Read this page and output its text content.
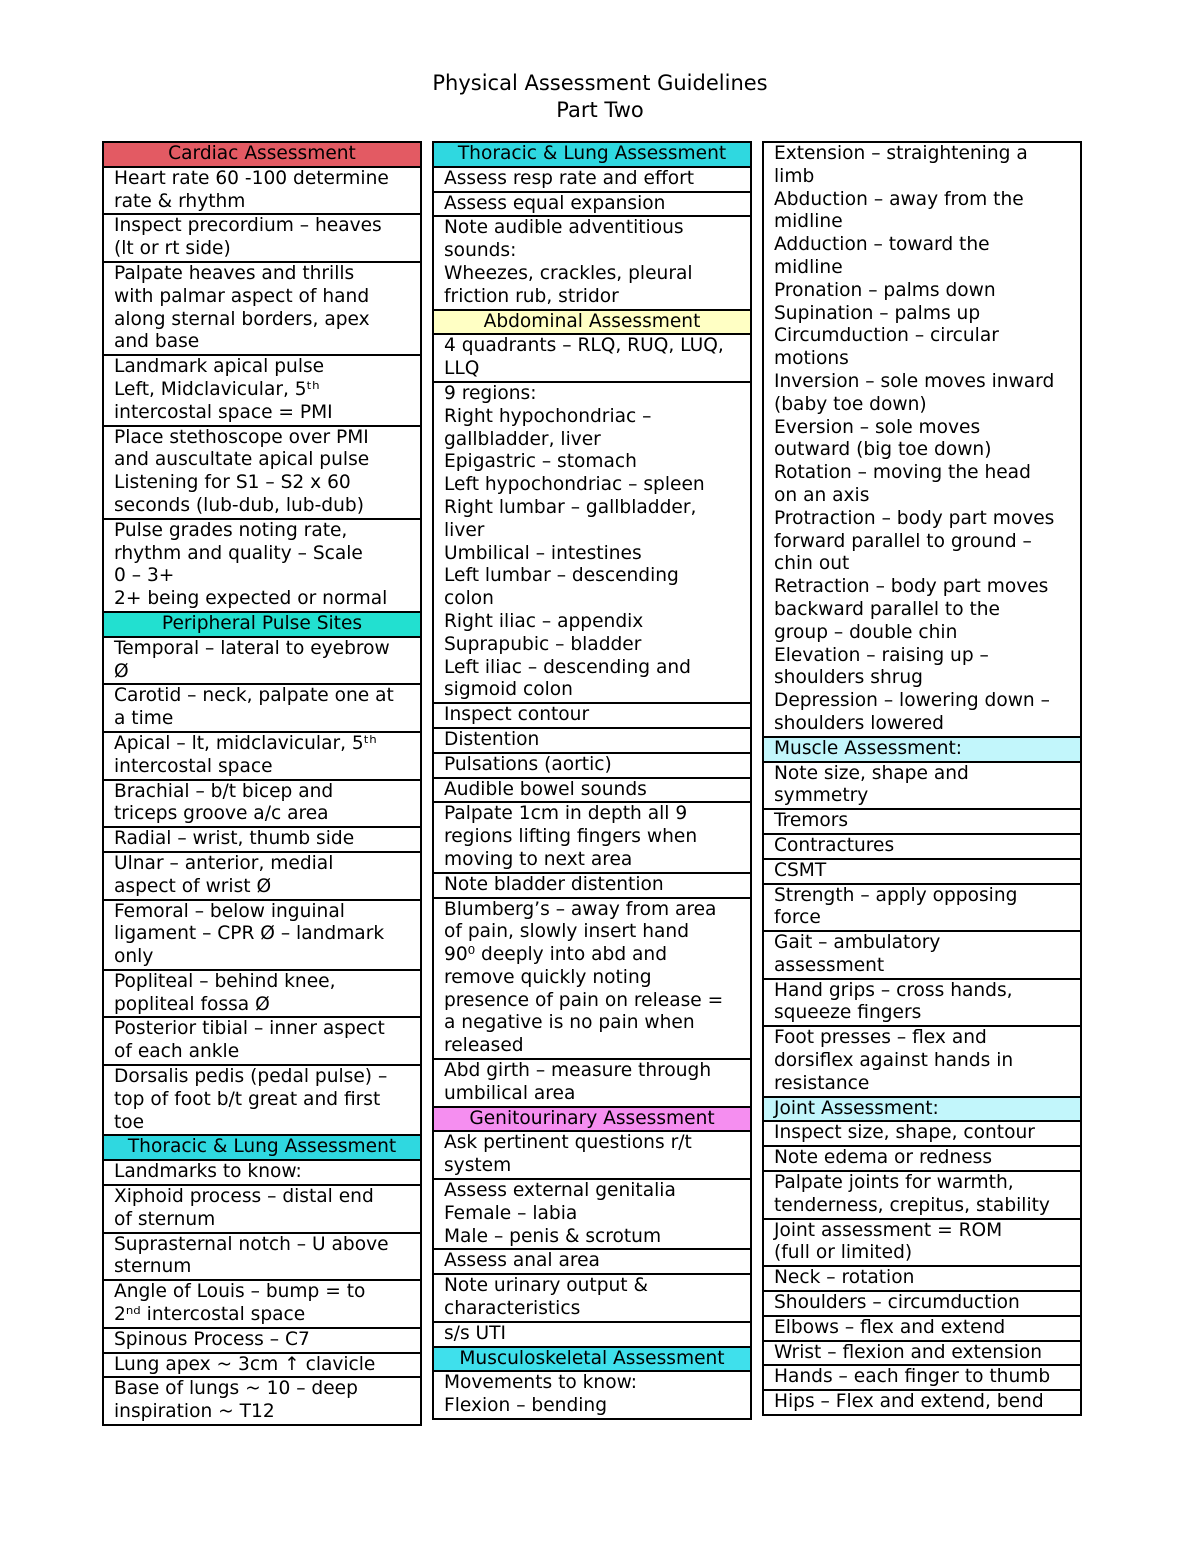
Physical Assessment Guidelines
Part Two
Cardiac Assessment
Heart rate 60 -100 determine
rate & rhythm
Inspect precordium – heaves
(lt or rt side)
Palpate heaves and thrills
with palmar aspect of hand
along sternal borders, apex
and base
Landmark apical pulse
Left, Midclavicular, 5ᵗʰ
intercostal space = PMI
Place stethoscope over PMI
and auscultate apical pulse
Listening for S1 – S2 x 60
seconds (lub-dub, lub-dub)
Pulse grades noting rate,
rhythm and quality – Scale
0 – 3+
2+ being expected or normal
Peripheral Pulse Sites
Temporal – lateral to eyebrow
Ø
Carotid – neck, palpate one at
a time
Apical – lt, midclavicular, 5ᵗʰ
intercostal space
Brachial – b/t bicep and
triceps groove a/c area
Radial – wrist, thumb side
Ulnar – anterior, medial
aspect of wrist Ø
Femoral – below inguinal
ligament – CPR Ø – landmark
only
Popliteal – behind knee,
popliteal fossa Ø
Posterior tibial – inner aspect
of each ankle
Dorsalis pedis (pedal pulse) –
top of foot b/t great and first
toe
Thoracic & Lung Assessment
Landmarks to know:
Xiphoid process – distal end
of sternum
Suprasternal notch – U above
sternum
Angle of Louis – bump = to
2ⁿᵈ intercostal space
Spinous Process – C7
Lung apex ~ 3cm ↑ clavicle
Base of lungs ~ 10 – deep
inspiration ~ T12
Thoracic & Lung Assessment
Assess resp rate and effort
Assess equal expansion
Note audible adventitious
sounds:
Wheezes, crackles, pleural
friction rub, stridor
Abdominal Assessment
4 quadrants – RLQ, RUQ, LUQ,
LLQ
9 regions:
Right hypochondriac –
gallbladder, liver
Epigastric – stomach
Left hypochondriac – spleen
Right lumbar – gallbladder,
liver
Umbilical – intestines
Left lumbar – descending
colon
Right iliac – appendix
Suprapubic – bladder
Left iliac – descending and
sigmoid colon
Inspect contour
Distention
Pulsations (aortic)
Audible bowel sounds
Palpate 1cm in depth all 9
regions lifting fingers when
moving to next area
Note bladder distention
Blumberg’s – away from area
of pain, slowly insert hand
90⁰ deeply into abd and
remove quickly noting
presence of pain on release =
a negative is no pain when
released
Abd girth – measure through
umbilical area
Genitourinary Assessment
Ask pertinent questions r/t
system
Assess external genitalia
Female – labia
Male – penis & scrotum
Assess anal area
Note urinary output &
characteristics
s/s UTI
Musculoskeletal Assessment
Movements to know:
Flexion – bending
Extension – straightening a
limb
Abduction – away from the
midline
Adduction – toward the
midline
Pronation – palms down
Supination – palms up
Circumduction – circular
motions
Inversion – sole moves inward
(baby toe down)
Eversion – sole moves
outward (big toe down)
Rotation – moving the head
on an axis
Protraction – body part moves
forward parallel to ground –
chin out
Retraction – body part moves
backward parallel to the
group – double chin
Elevation – raising up –
shoulders shrug
Depression – lowering down –
shoulders lowered
Muscle Assessment:
Note size, shape and
symmetry
Tremors
Contractures
CSMT
Strength – apply opposing
force
Gait – ambulatory
assessment
Hand grips – cross hands,
squeeze fingers
Foot presses – flex and
dorsiflex against hands in
resistance
Joint Assessment:
Inspect size, shape, contour
Note edema or redness
Palpate joints for warmth,
tenderness, crepitus, stability
Joint assessment = ROM
(full or limited)
Neck – rotation
Shoulders – circumduction
Elbows – flex and extend
Wrist – flexion and extension
Hands – each finger to thumb
Hips – Flex and extend, bend
